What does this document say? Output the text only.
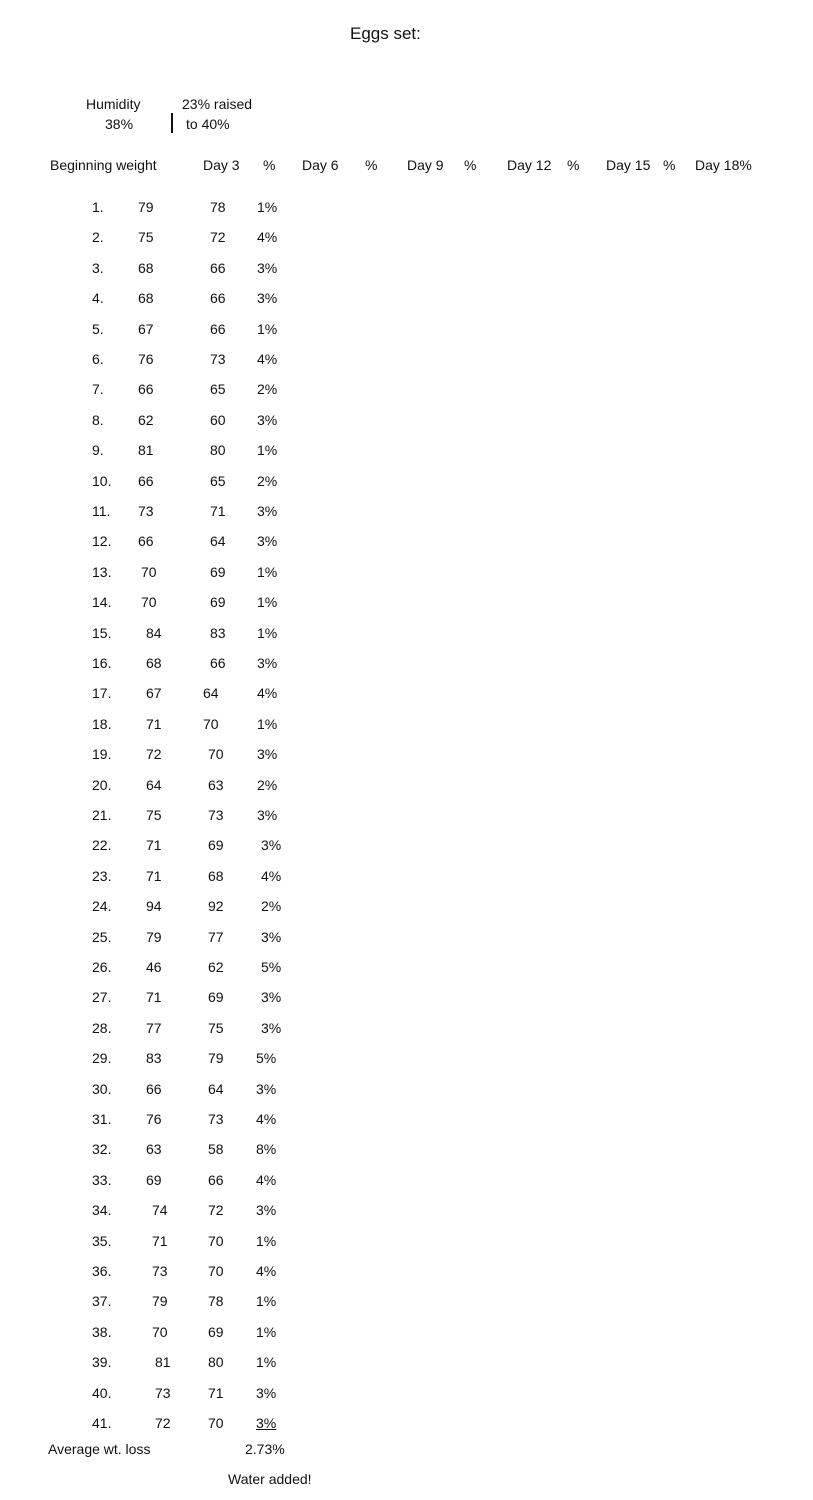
Eggs set:
Humidity
38%
23% raised
to 40%
Beginning weight	Day 3 % Day 6 % Day 9 % Day 12 % Day 15 % Day 18%
1. 79	78 1%
2. 75	72 4%
3. 68	66 3%
4. 68	66 3%
5. 67	66 1%
6. 76	73 4%
7. 66	65 2%
8. 62	60 3%
9. 81	80 1%
10. 66	65 2%
11. 73	71 3%
12. 66	64 3%
13. 70	69 1%
14. 70	69 1%
15. 84	83 1%
16. 68	66 3%
17. 67	64	4%
18. 71	70	1%
19. 72	70 3%
20. 64	63 2%
21. 75	73 3%
22. 71	69	3%
23. 71	68	4%
24. 94	92	2%
25. 79	77	3%
26. 46	62	5%
27. 71	69	3%
28. 77	75	3%
29. 83	79 5%
30. 66	64 3%
31. 76	73 4%
32. 63	58 8%
33. 69	66 4%
34.	74	72 3%
35.	71	70 1%
36.	73	70 4%
37.	79	78 1%
38.	70	69 1%
39.	81	80 1%
40.	73	71 3%
41.	72	70 3%
Average wt. loss	2.73%
Water added!
